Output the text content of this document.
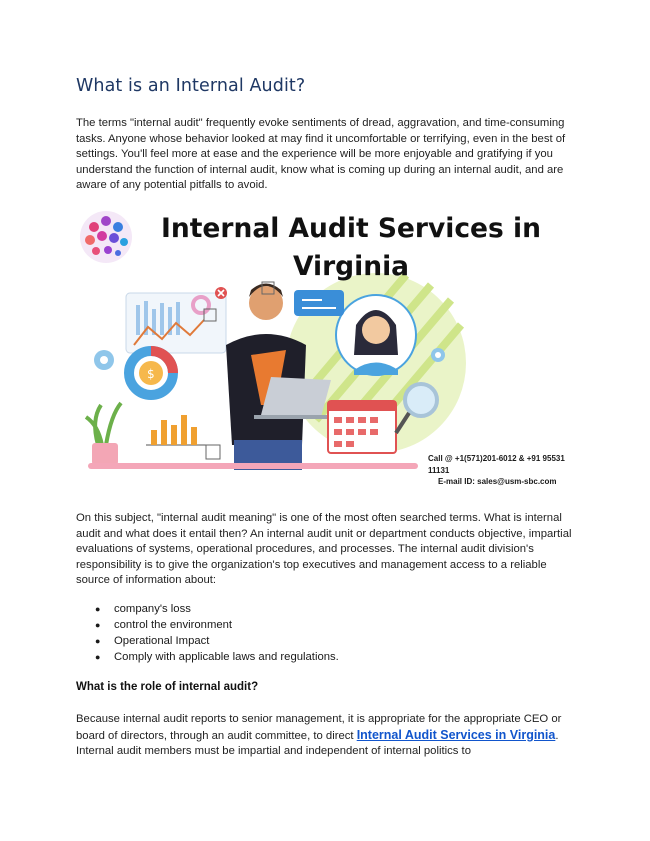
What is an Internal Audit?

The terms "internal audit" frequently evoke sentiments of dread, aggravation, and time-consuming tasks. Anyone whose behavior looked at may find it uncomfortable or terrifying, even in the best of settings. You'll feel more at ease and the experience will be more enjoyable and gratifying if you understand the function of internal audit, know what is coming up during an internal audit, and are aware of any potential pitfalls to avoid.

$
Internal Audit Services in Virginia
Call @ +1(571)201-6012 & +91 95531 11131
E-mail ID: sales@usm-sbc.com

On this subject, "internal audit meaning" is one of the most often searched terms. What is internal audit and what does it entail then? An internal audit unit or department conducts objective, impartial evaluations of systems, operational procedures, and processes. The internal audit division's responsibility is to give the organization's top executives and management access to a reliable source of information about:

● company's loss
● control the environment
● Operational Impact
● Comply with applicable laws and regulations.
What is the role of internal audit?

Because internal audit reports to senior management, it is appropriate for the appropriate CEO or board of directors, through an audit committee, to direct Internal Audit Services in Virginia. Internal audit members must be impartial and independent of internal politics to
